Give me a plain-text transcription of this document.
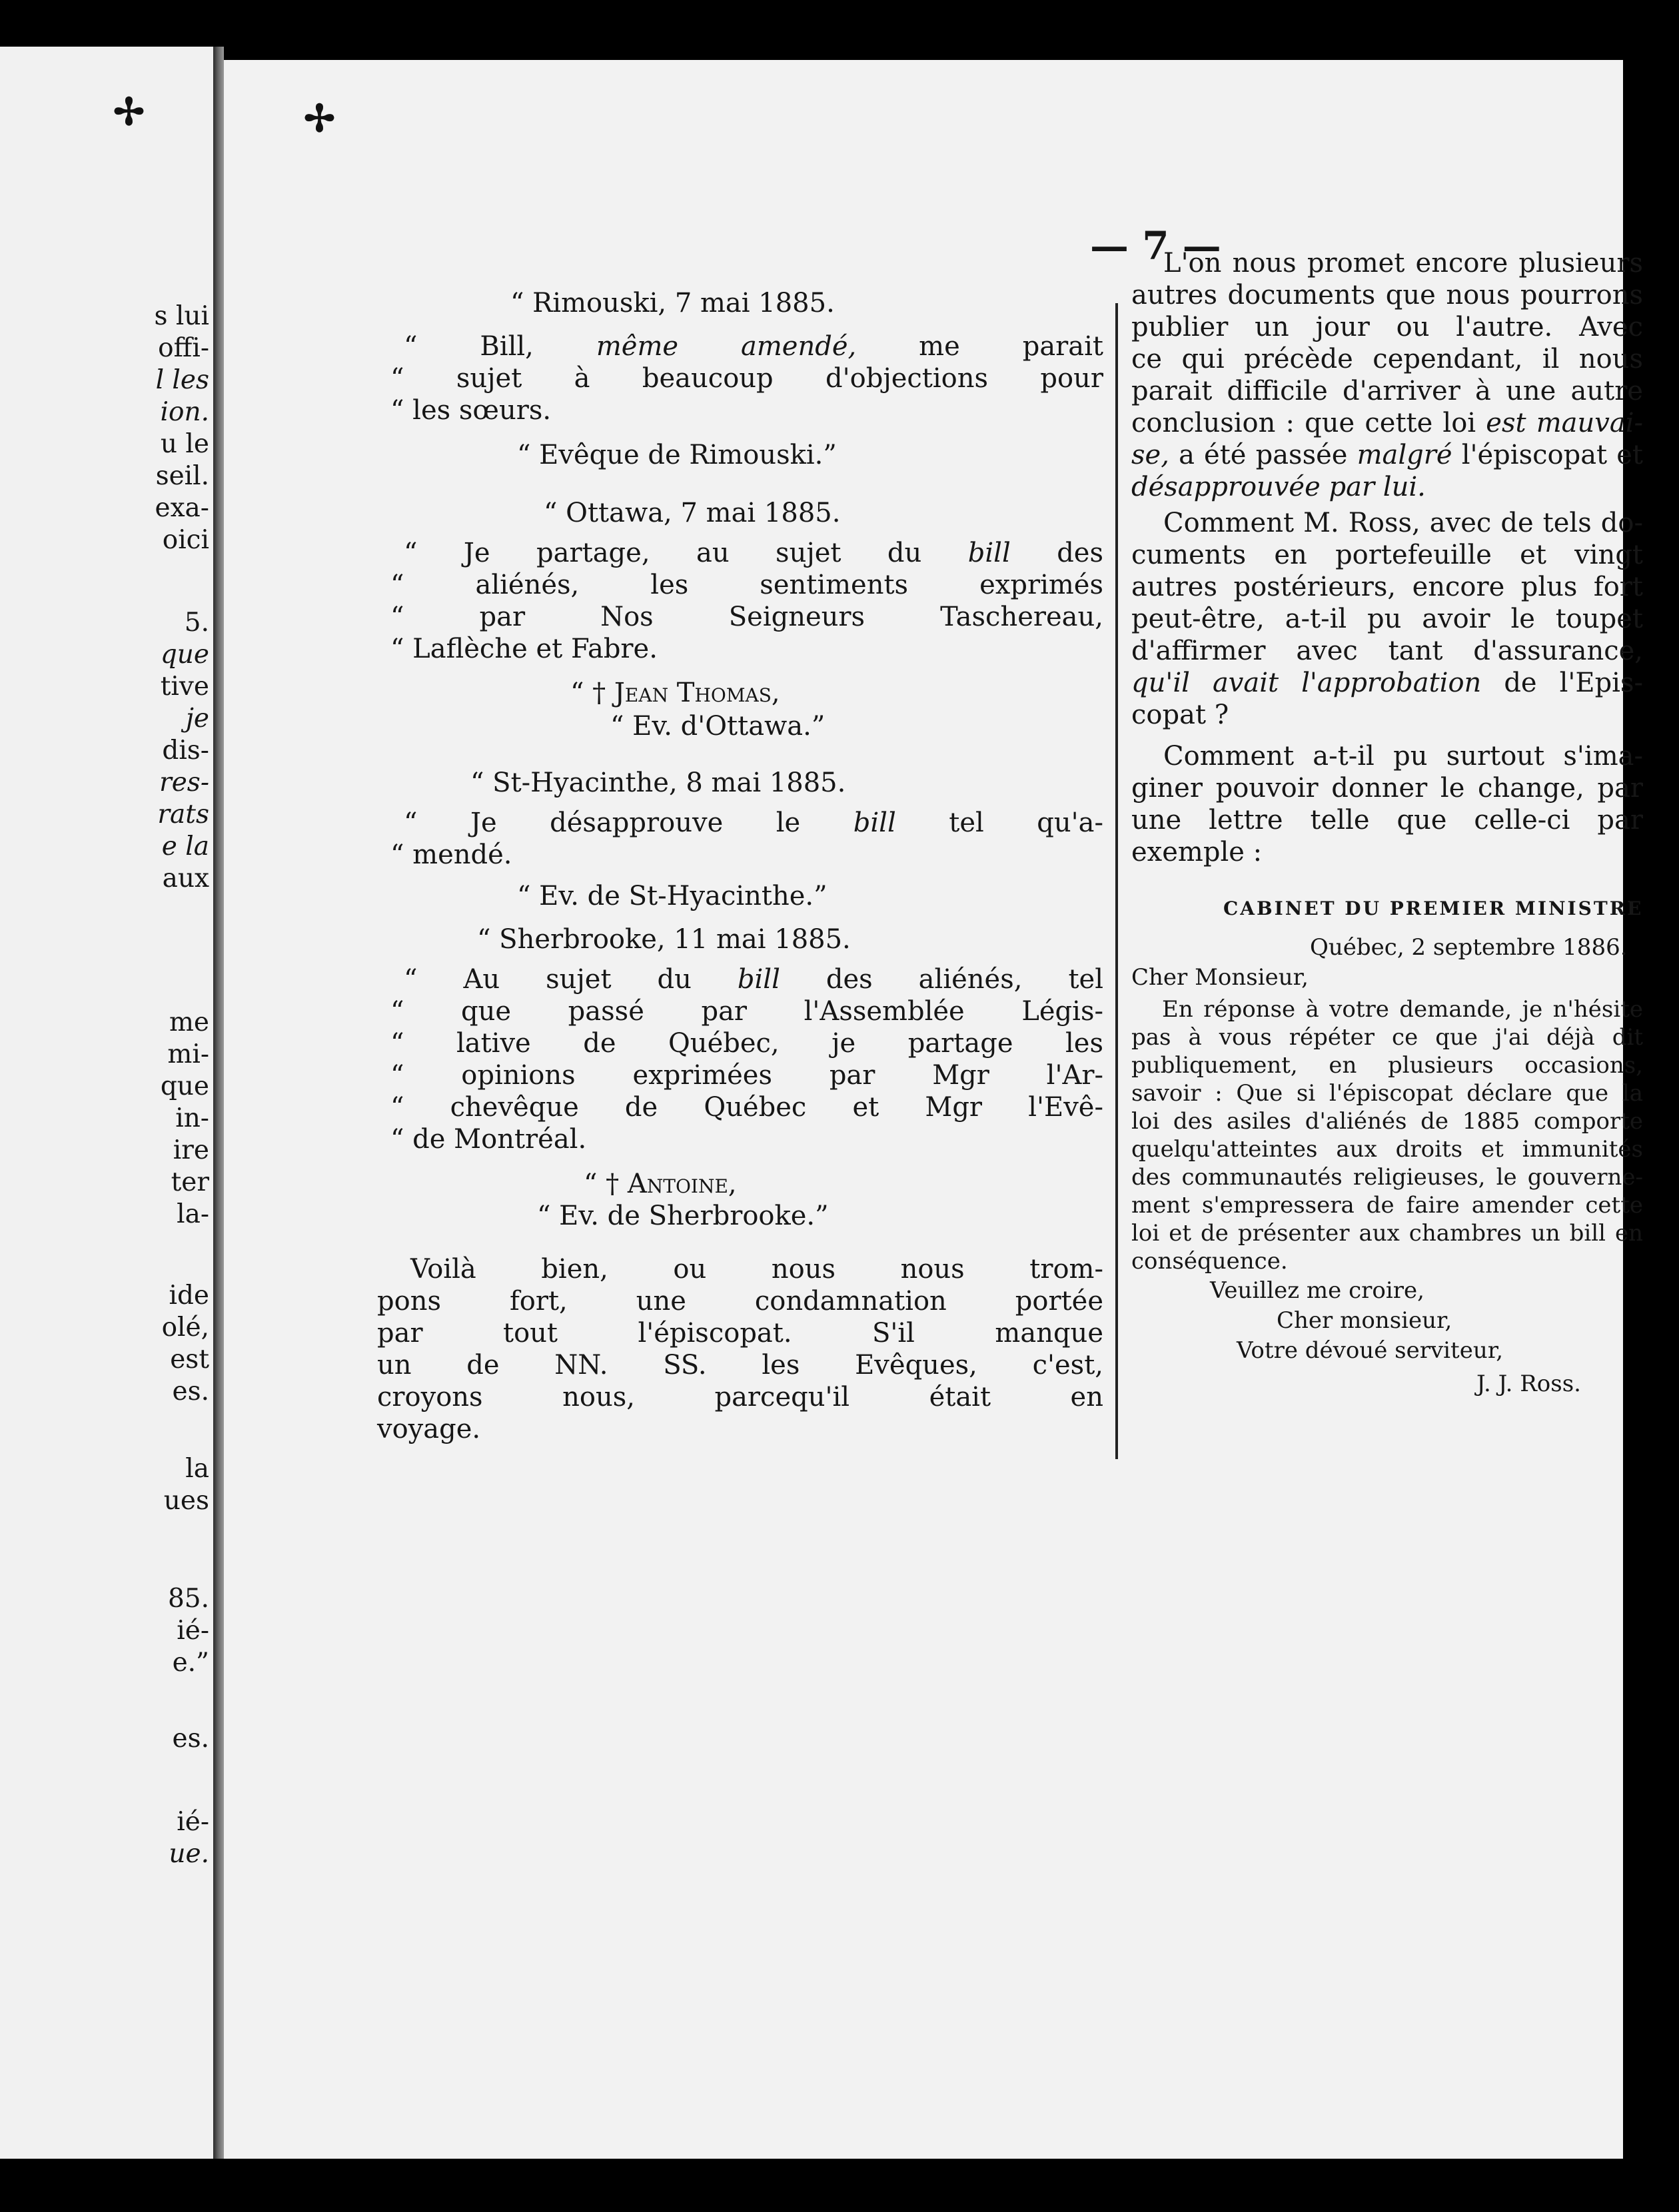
s lui
offi-
l les
ion.
u le
seil.
exa-
oici
5.
que
tive
je
dis-
res-
rats
e la
aux
me
mi-
que
in-
ire
ter
la-
ide
olé,
est
es.
la
ues
85.
ié-
e.”
es.
ié-
ue.
✢
— 7 —
“ Rimouski, 7 mai 1885.
“ Bill, même amendé, me parait
“ sujet à beaucoup d'objections pour
“ les sœurs.
“ Evêque de Rimouski.”
“ Ottawa, 7 mai 1885.
“ Je partage, au sujet du bill des
“ aliénés, les sentiments exprimés
“ par Nos Seigneurs Taschereau,
“ Laflèche et Fabre.
“ † Jean Thomas,
“ Ev. d'Ottawa.”
“ St-Hyacinthe, 8 mai 1885.
“ Je désapprouve le bill tel qu'a-
“ mendé.
“ Ev. de St-Hyacinthe.”
“ Sherbrooke, 11 mai 1885.
“ Au sujet du bill des aliénés, tel
“ que passé par l'Assemblée Légis-
“ lative de Québec, je partage les
“ opinions exprimées par Mgr l'Ar-
“ chevêque de Québec et Mgr l'Evê-
“ de Montréal.
“ † Antoine,
“ Ev. de Sherbrooke.”
Voilà bien, ou nous nous trom-
pons fort, une condamnation portée
par tout l'épiscopat. S'il manque
un de NN. SS. les Evêques, c'est,
croyons nous, parcequ'il était en
voyage.
L'on nous promet encore plusieurs
autres documents que nous pourrons
publier un jour ou l'autre. Avec
ce qui précède cependant, il nous
parait difficile d'arriver à une autre
conclusion : que cette loi est mauvai-
se, a été passée malgré l'épiscopat et
désapprouvée par lui.
Comment M. Ross, avec de tels do-
cuments en portefeuille et vingt
autres postérieurs, encore plus fort
peut-être, a-t-il pu avoir le toupet
d'affirmer avec tant d'assurance,
qu'il avait l'approbation de l'Epis-
copat ?
Comment a-t-il pu surtout s'ima-
giner pouvoir donner le change, par
une lettre telle que celle-ci par
exemple :
CABINET DU PREMIER MINISTRE
Québec, 2 septembre 1886.
Cher Monsieur,
En réponse à votre demande, je n'hésite
pas à vous répéter ce que j'ai déjà dit
publiquement, en plusieurs occasions,
savoir : Que si l'épiscopat déclare que la
loi des asiles d'aliénés de 1885 comporte
quelqu'atteintes aux droits et immunités
des communautés religieuses, le gouverne-
ment s'empressera de faire amender cette
loi et de présenter aux chambres un bill en
conséquence.
Veuillez me croire,
Cher monsieur,
Votre dévoué serviteur,
J. J. Ross.
✢
